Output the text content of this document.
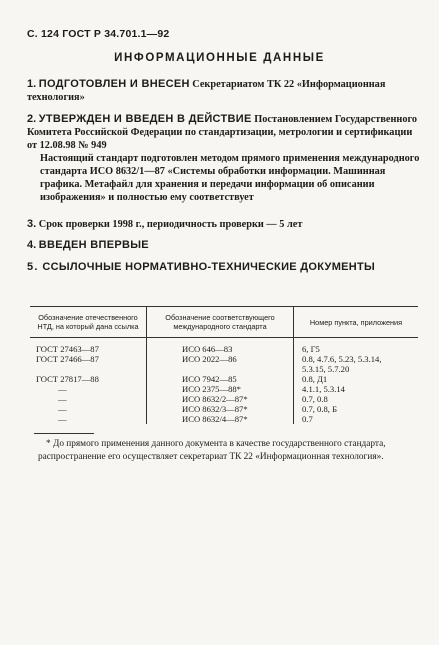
С. 124 ГОСТ Р 34.701.1—92
ИНФОРМАЦИОННЫЕ ДАННЫЕ
1. ПОДГОТОВЛЕН И ВНЕСЕН Секретариатом ТК 22 «Информационная технология»
2. УТВЕРЖДЕН И ВВЕДЕН В ДЕЙСТВИЕ Постановлением Государственного Комитета Российской Федерации по стандартизации, метрологии и сертификации от 12.08.98 № 949
Настоящий стандарт подготовлен методом прямого применения международного стандарта ИСО 8632/1—87 «Системы обработки информации. Машинная графика. Метафайл для хранения и передачи информации об описании изображения» и полностью ему соответствует
3. Срок проверки 1998 г., периодичность проверки — 5 лет
4. ВВЕДЕН ВПЕРВЫЕ
5. ССЫЛОЧНЫЕ НОРМАТИВНО-ТЕХНИЧЕСКИЕ ДОКУМЕНТЫ
Обозначение отечественного НТД, на который дана ссылка	Обозначение соответствующего международного стандарта	Номер пункта, приложения
ГОСТ 27463—87	ИСО 646—83	6, Г5
ГОСТ 27466—87	ИСО 2022—86	0.8, 4.7.6, 5.23, 5.3.14,
		5.3.15, 5.7.20
ГОСТ 27817—88	ИСО 7942—85	0.8, Д1
—	ИСО 2375—88*	4.1.1, 5.3.14
—	ИСО 8632/2—87*	0.7, 0.8
—	ИСО 8632/3—87*	0.7, 0.8, Б
—	ИСО 8632/4—87*	0.7
* До прямого применения данного документа в качестве государственного стандарта, распространение его осуществляет секретариат ТК 22 «Информационная технология».
